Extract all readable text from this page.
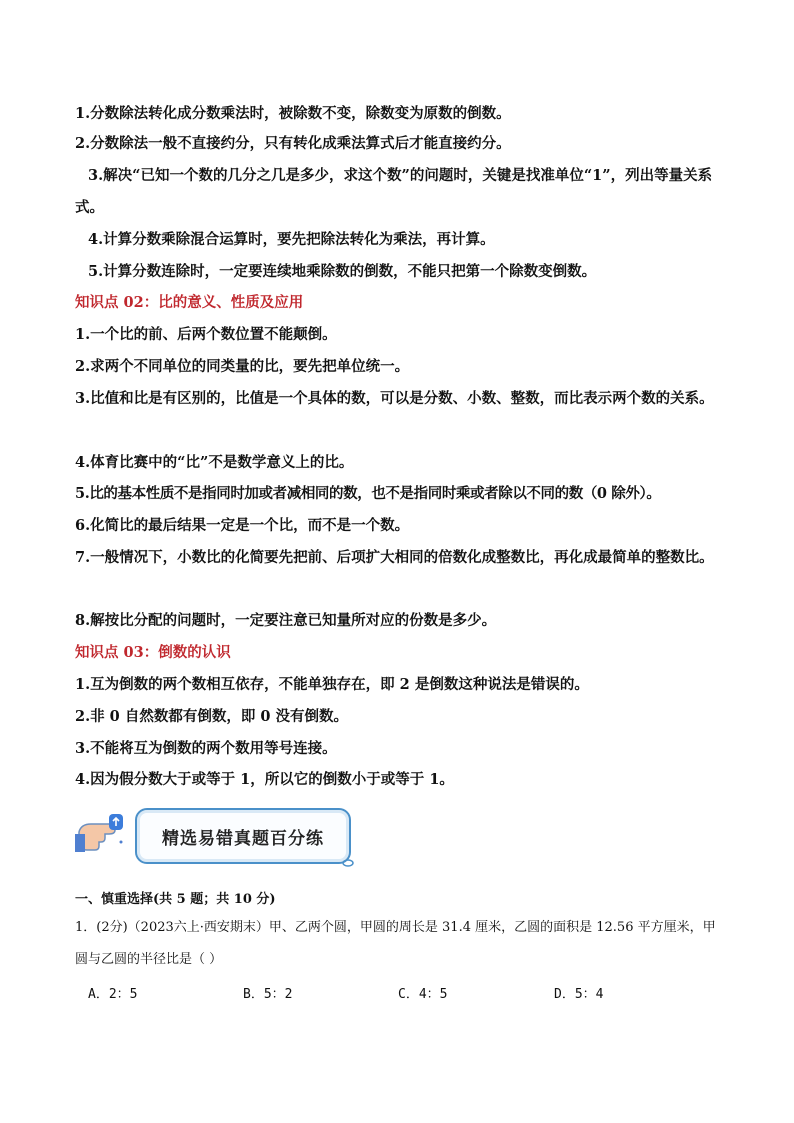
1.分数除法转化成分数乘法时，被除数不变，除数变为原数的倒数。
2.分数除法一般不直接约分，只有转化成乘法算式后才能直接约分。
3.解决“已知一个数的几分之几是多少，求这个数”的问题时，关键是找准单位“1”，列出等量关系式。
4.计算分数乘除混合运算时，要先把除法转化为乘法，再计算。
5.计算分数连除时，一定要连续地乘除数的倒数，不能只把第一个除数变倒数。
知识点 02：比的意义、性质及应用
1.一个比的前、后两个数位置不能颠倒。
2.求两个不同单位的同类量的比，要先把单位统一。
3.比值和比是有区别的，比值是一个具体的数，可以是分数、小数、整数，而比表示两个数的关系。
4.体育比赛中的“比”不是数学意义上的比。
5.比的基本性质不是指同时加或者减相同的数，也不是指同时乘或者除以不同的数（0 除外）。
6.化简比的最后结果一定是一个比，而不是一个数。
7.一般情况下，小数比的化简要先把前、后项扩大相同的倍数化成整数比，再化成最简单的整数比。
8.解按比分配的问题时，一定要注意已知量所对应的份数是多少。
知识点 03：倒数的认识
1.互为倒数的两个数相互依存，不能单独存在，即 2 是倒数这种说法是错误的。
2.非 0 自然数都有倒数，即 0 没有倒数。
3.不能将互为倒数的两个数用等号连接。
4.因为假分数大于或等于 1，所以它的倒数小于或等于 1。
精选易错真题百分练
一、慎重选择(共 5 题；共 10 分)
1．(2分)（2023六上·西安期末）甲、乙两个圆，甲圆的周长是 31.4 厘米，乙圆的面积是 12.56 平方厘米，甲圆与乙圆的半径比是（ ）
A．2：5	B．5：2	C．4：5	D．5：4
